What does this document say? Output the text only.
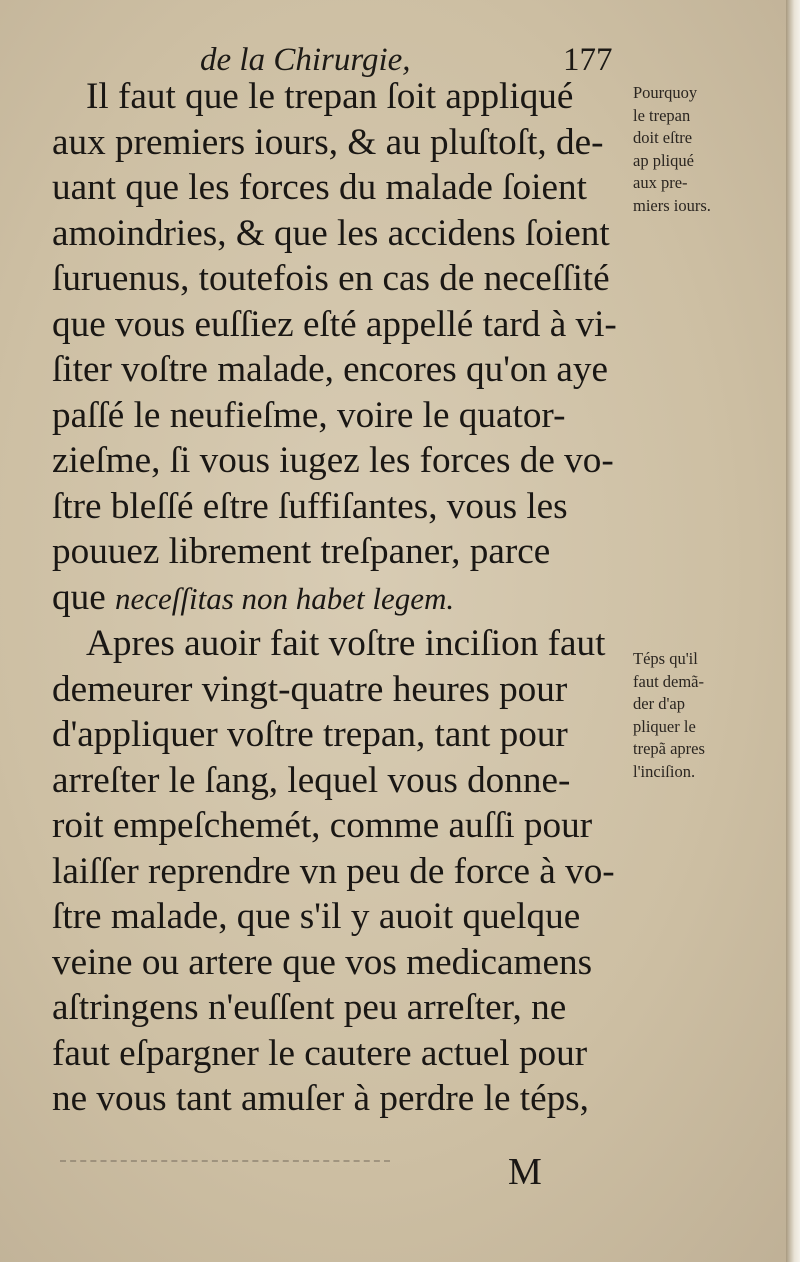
de la Chirurgie,	177
Il faut que le trepan ſoit appliqué
aux premiers iours, & au pluſtoſt, de-
uant que les forces du malade ſoient
amoindries, & que les accidens ſoient
ſuruenus, toutefois en cas de neceſſité
que vous euſſiez eſté appellé tard à vi-
ſiter voſtre malade, encores qu'on aye
paſſé le neufieſme, voire le quator-
zieſme, ſi vous iugez les forces de vo-
ſtre bleſſé eſtre ſuffiſantes, vous les
pouuez librement treſpaner, parce
que neceſſitas non habet legem.
Apres auoir fait voſtre inciſion faut
demeurer vingt-quatre heures pour
d'appliquer voſtre trepan, tant pour
arreſter le ſang, lequel vous donne-
roit empeſchemét, comme auſſi pour
laiſſer reprendre vn peu de force à vo-
ſtre malade, que s'il y auoit quelque
veine ou artere que vos medicamens
aſtringens n'euſſent peu arreſter, ne
faut eſpargner le cautere actuel pour
ne vous tant amuſer à perdre le téps,
Pourquoy
le trepan
doit eſtre
ap pliqué
aux pre-
miers iours.
Téps qu'il
faut demã-
der d'ap
pliquer le
trepã apres
l'inciſion.
M
